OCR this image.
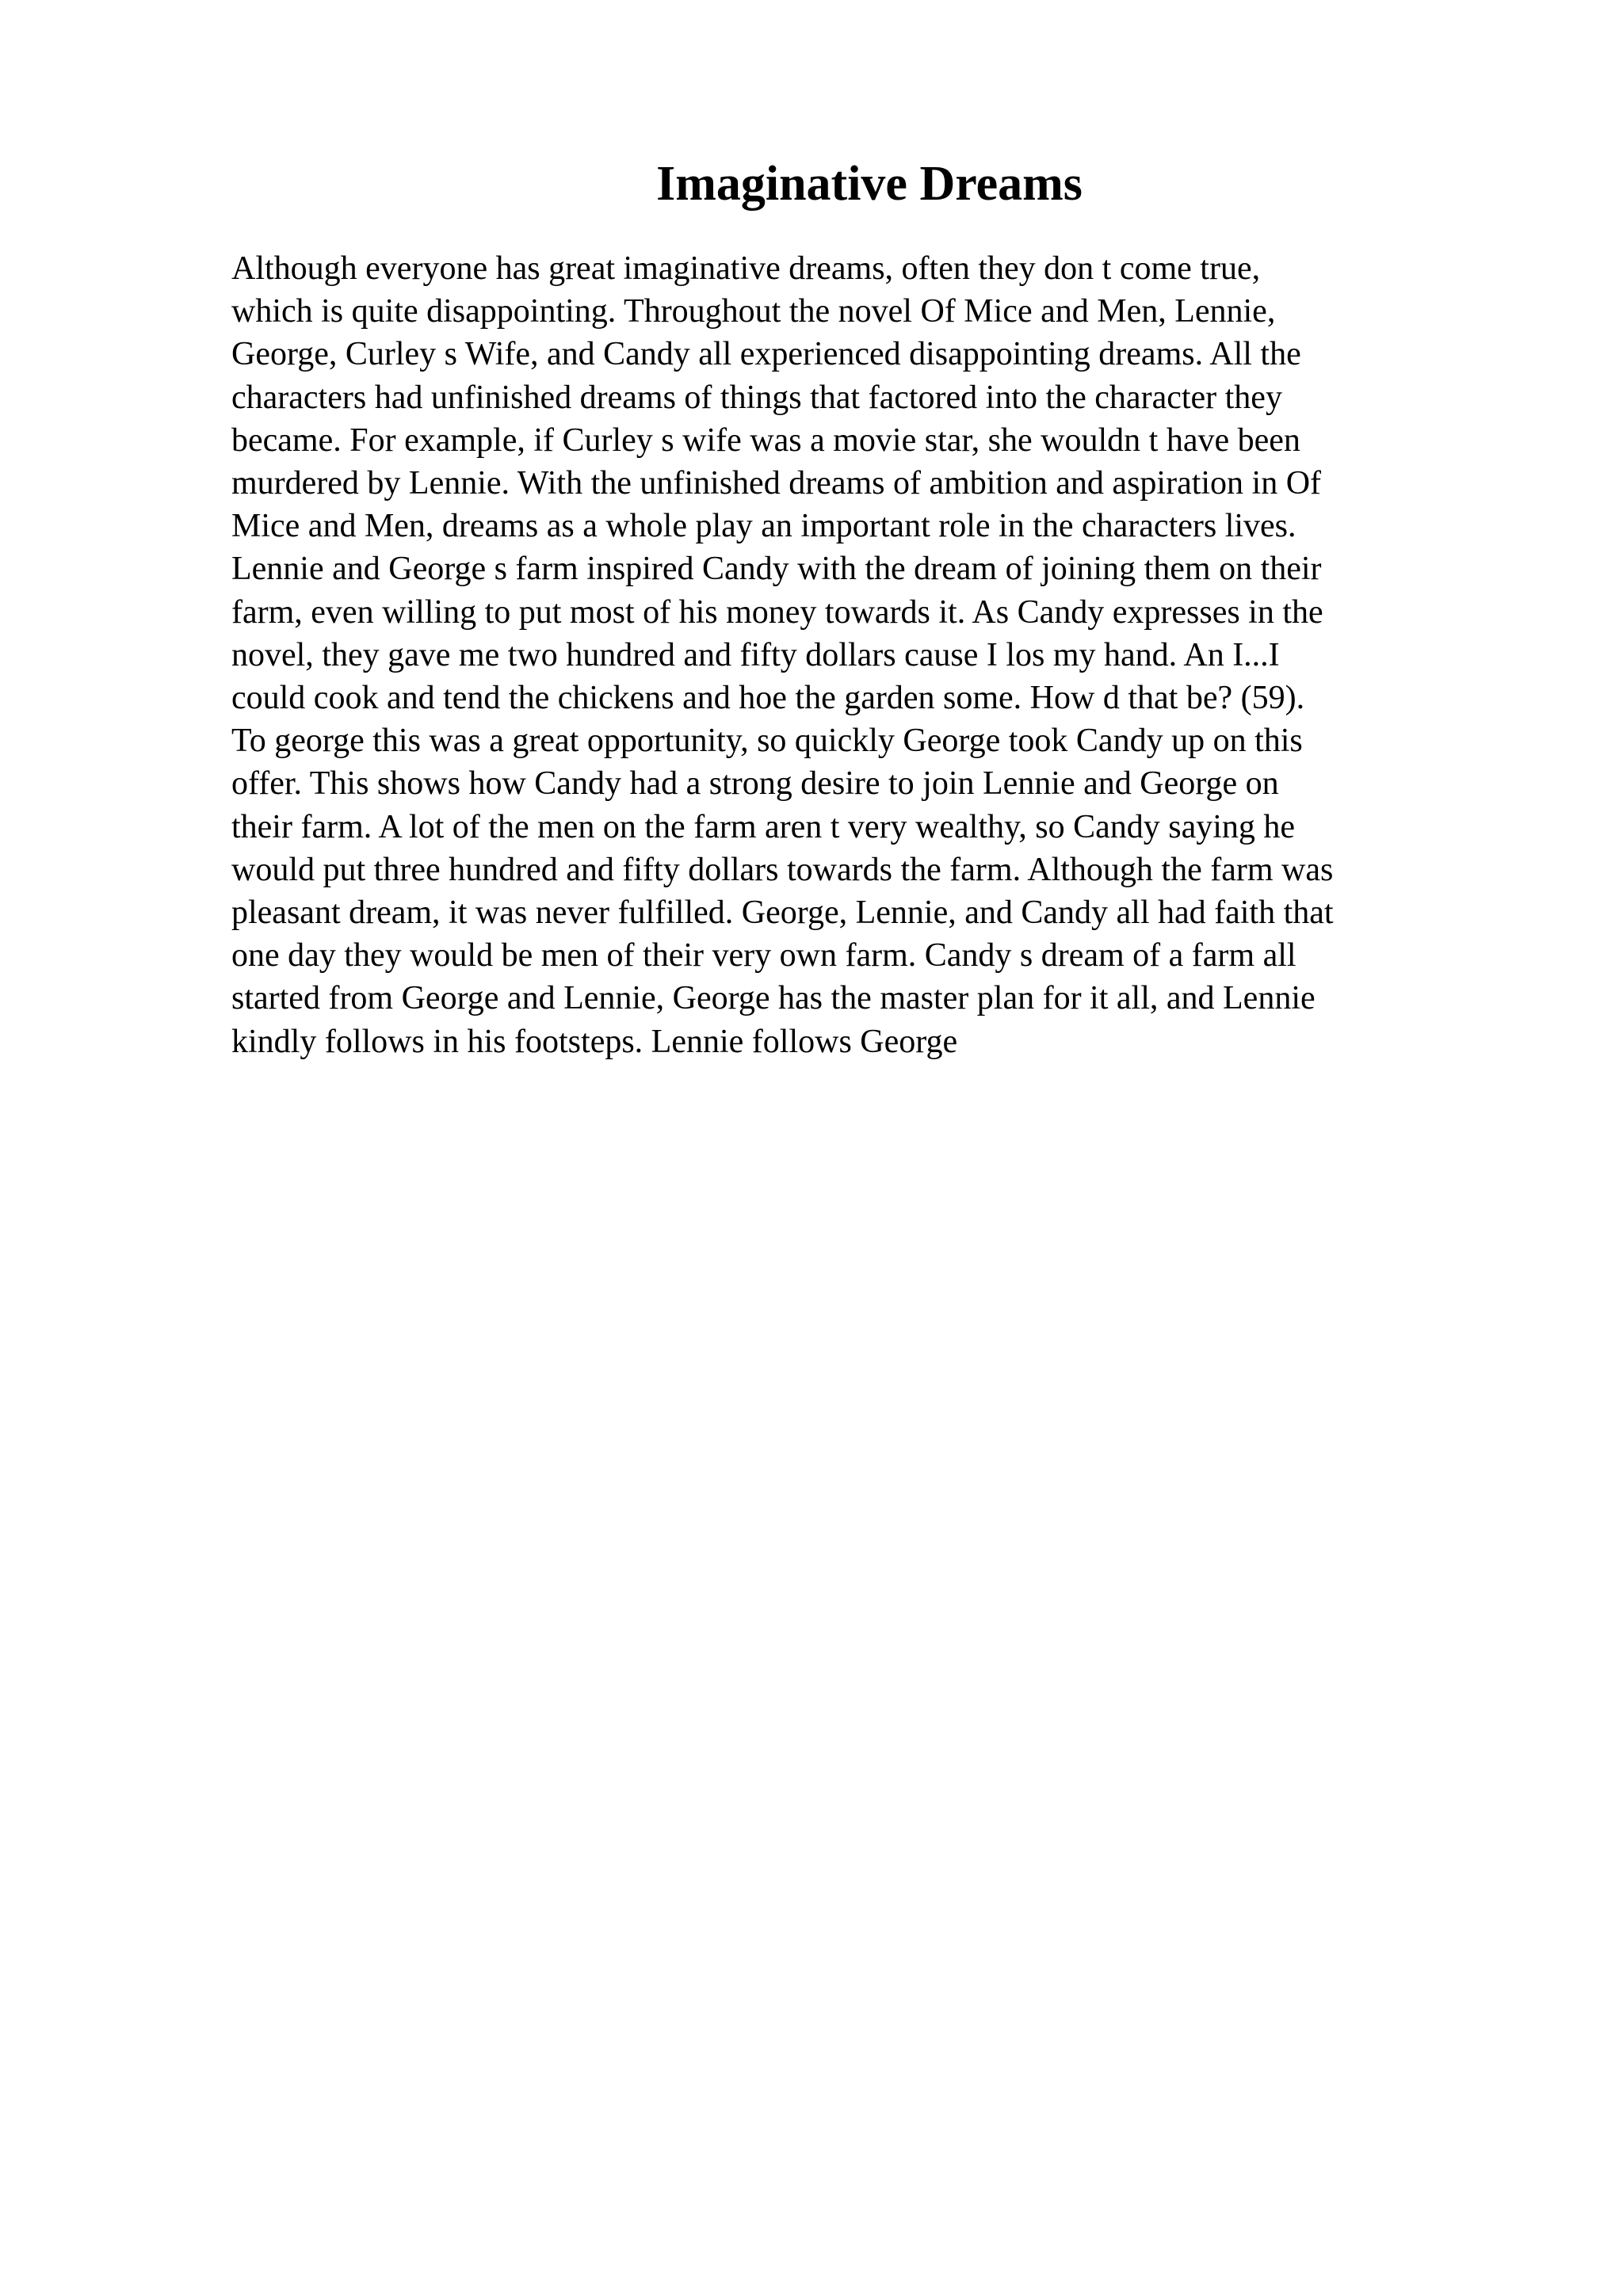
Imaginative Dreams
Although everyone has great imaginative dreams, often they don t come true,
which is quite disappointing. Throughout the novel Of Mice and Men, Lennie,
George, Curley s Wife, and Candy all experienced disappointing dreams. All the
characters had unfinished dreams of things that factored into the character they
became. For example, if Curley s wife was a movie star, she wouldn t have been
murdered by Lennie. With the unfinished dreams of ambition and aspiration in Of
Mice and Men, dreams as a whole play an important role in the characters lives.
Lennie and George s farm inspired Candy with the dream of joining them on their
farm, even willing to put most of his money towards it. As Candy expresses in the
novel, they gave me two hundred and fifty dollars cause I los my hand. An I...I
could cook and tend the chickens and hoe the garden some. How d that be? (59).
To george this was a great opportunity, so quickly George took Candy up on this
offer. This shows how Candy had a strong desire to join Lennie and George on
their farm. A lot of the men on the farm aren t very wealthy, so Candy saying he
would put three hundred and fifty dollars towards the farm. Although the farm was
pleasant dream, it was never fulfilled. George, Lennie, and Candy all had faith that
one day they would be men of their very own farm. Candy s dream of a farm all
started from George and Lennie, George has the master plan for it all, and Lennie
kindly follows in his footsteps. Lennie follows George
